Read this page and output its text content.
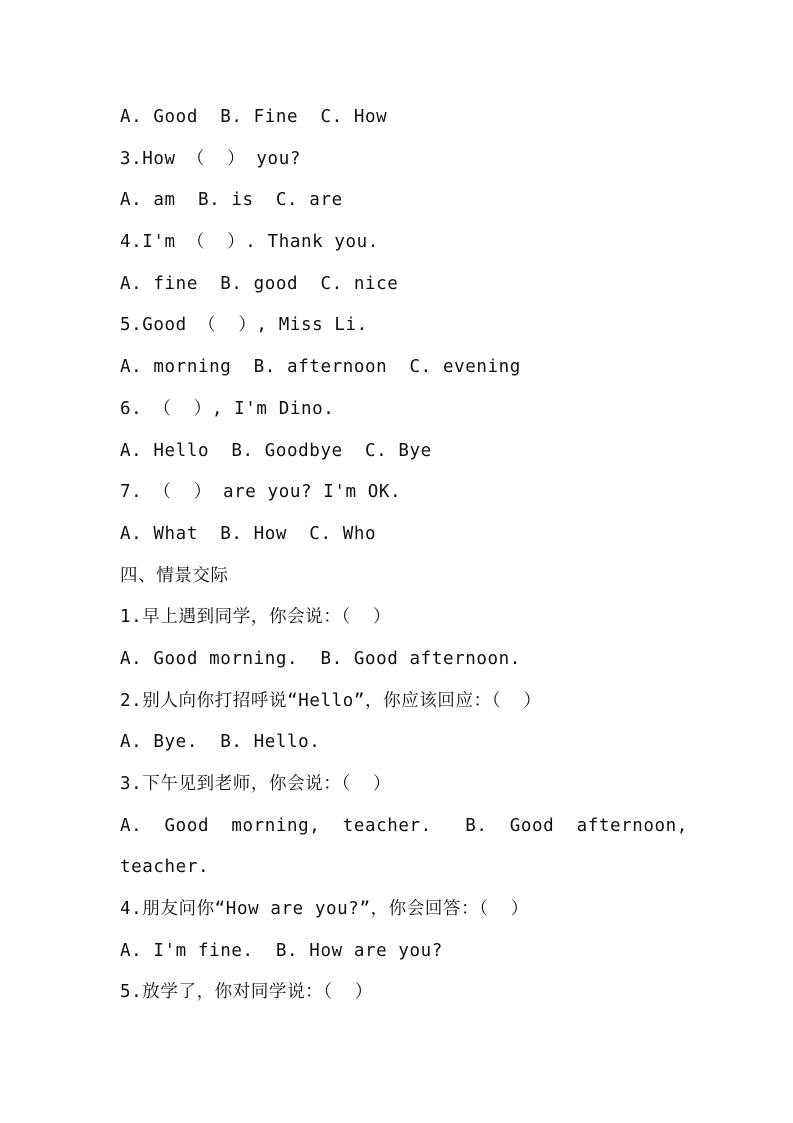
A. Good  B. Fine  C. How
3.How （  ） you?
A. am  B. is  C. are
4.I'm （  ）. Thank you.
A. fine  B. good  C. nice
5.Good （  ）, Miss Li.
A. morning  B. afternoon  C. evening
6. （  ）, I'm Dino.
A. Hello  B. Goodbye  C. Bye
7. （  ） are you? I'm OK.
A. What  B. How  C. Who
四、情景交际
1.早上遇到同学，你会说：（  ）
A. Good morning.  B. Good afternoon.
2.别人向你打招呼说“Hello”，你应该回应：（  ）
A. Bye.  B. Hello.
3.下午见到老师，你会说：（  ）
A.  Good  morning,  teacher.   B.  Good  afternoon,
teacher.
4.朋友问你“How are you?”，你会回答：（  ）
A. I'm fine.  B. How are you?
5.放学了，你对同学说：（  ）
